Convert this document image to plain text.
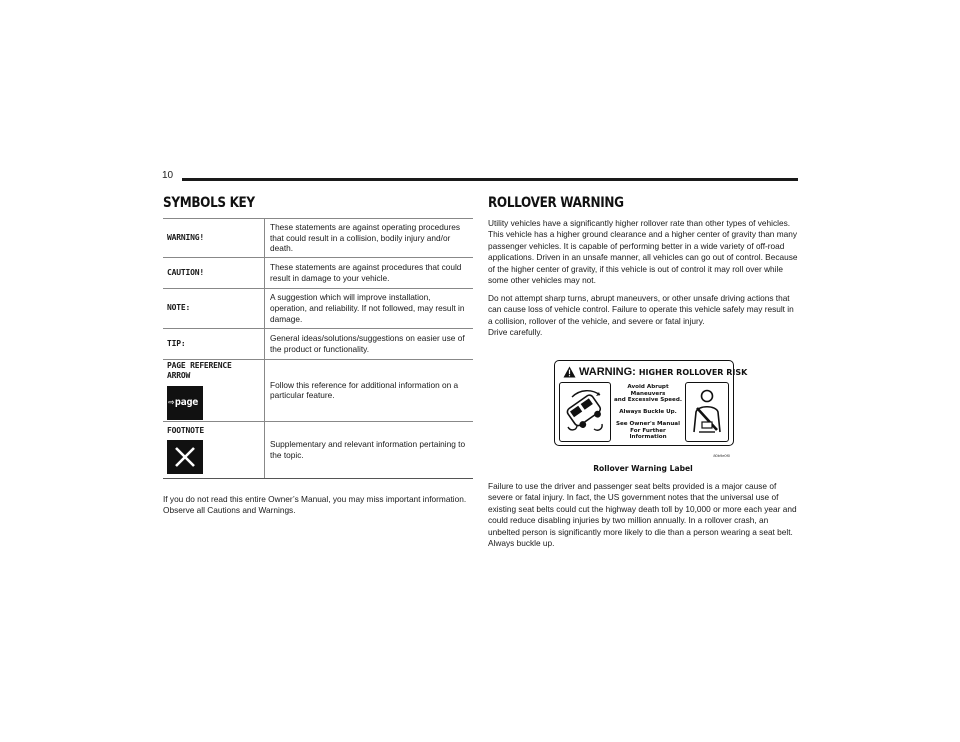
10
SYMBOLS KEY
WARNING!	These statements are against operating procedures that could result in a collision, bodily injury and/or death.
CAUTION!	These statements are against procedures that could result in damage to your vehicle.
NOTE:	A suggestion which will improve installation, operation, and reliability. If not followed, may result in damage.
TIP:	General ideas/solutions/suggestions on easier use of the product or functionality.

PAGE REFERENCE ARROW
⇨ page	Follow this reference for additional information on a particular feature.

FOOTNOTE	Supplementary and relevant information pertaining to the topic.

If you do not read this entire Owner’s Manual, you may miss important information. Observe all Cautions and Warnings.

ROLLOVER WARNING

Utility vehicles have a significantly higher rollover rate than other types of vehicles. This vehicle has a higher ground clearance and a higher center of gravity than many passenger vehicles. It is capable of performing better in a wide variety of off-road applications. Driven in an unsafe manner, all vehicles can go out of control. Because of the higher center of gravity, if this vehicle is out of control it may roll over while some other vehicles may not.

Do not attempt sharp turns, abrupt maneuvers, or other unsafe driving actions that can cause loss of vehicle control. Failure to operate this vehicle safely may result in a collision, rollover of the vehicle, and severe or fatal injury.

Drive carefully.

WARNING: HIGHER ROLLOVER RISK
Avoid Abrupt Maneuvers
and Excessive Speed.
Always Buckle Up.
See Owner's Manual
For Further Information
80b9e0f0
Rollover Warning Label

Failure to use the driver and passenger seat belts provided is a major cause of severe or fatal injury. In fact, the US government notes that the universal use of existing seat belts could cut the highway death toll by 10,000 or more each year and could reduce disabling injuries by two million annually. In a rollover crash, an unbelted person is significantly more likely to die than a person wearing a seat belt. Always buckle up.
